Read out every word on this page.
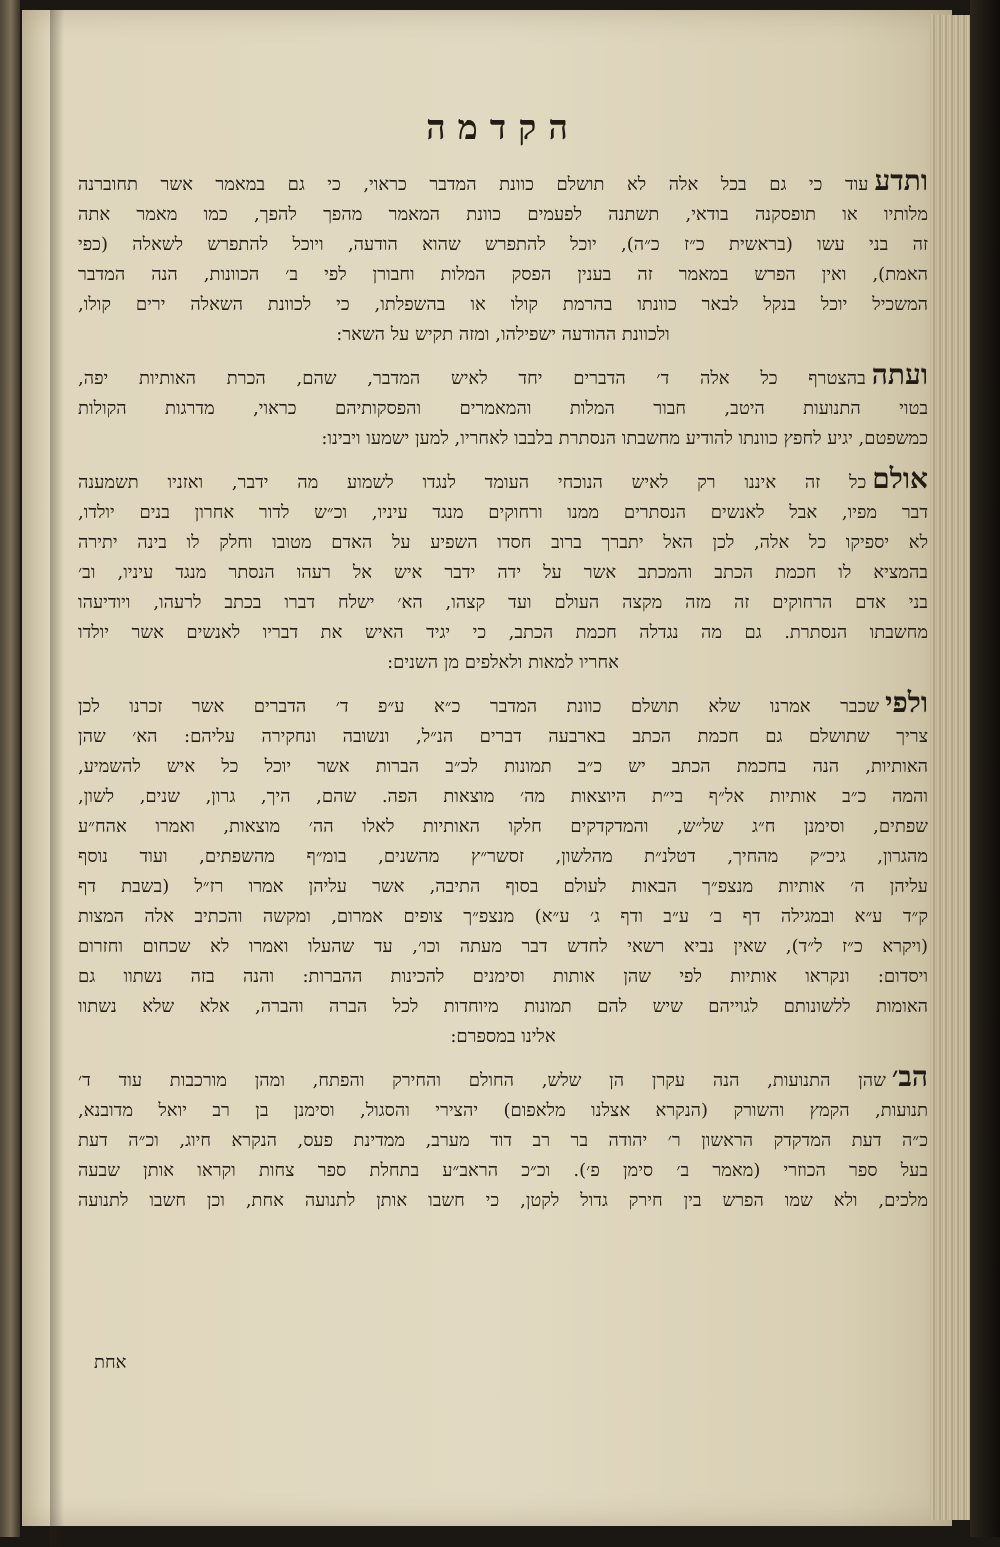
הקדמה
ותדעעוד כי גם בכל אלה לא תושלם כוונת המדבר כראוי, כי גם במאמר אשר תחוברנה
מלותיו או תופסקנה בודאי, תשתנה לפעמים כוונת המאמר מהפך להפך, כמו מאמר אתה
זה בני עשו (בראשית כ״ז כ״ה), יוכל להתפרש שהוא הודעה, ויוכל להתפרש לשאלה (כפי
האמת), ואין הפרש במאמר זה בענין הפסק המלות וחבורן לפי ב׳ הכוונות, הנה המדבר
המשכיל יוכל בנקל לבאר כוונתו בהרמת קולו או בהשפלתו, כי לכוונת השאלה ירים קולו,
ולכוונת ההודעה ישפילהו, ומזה תקיש על השאר:
ועתהבהצטרף כל אלה ד׳ הדברים יחד לאיש המדבר, שהם, הכרת האותיות יפה,
בטוי התנועות היטב, חבור המלות והמאמרים והפסקותיהם כראוי, מדרגות הקולות
כמשפטם, יגיע לחפץ כוונתו להודיע מחשבתו הנסתרת בלבבו לאחריו, למען ישמעו ויבינו:
אולםכל זה איננו רק לאיש הנוכחי העומד לנגדו לשמוע מה ידבר, ואזניו תשמענה
דבר מפיו, אבל לאנשים הנסתרים ממנו ורחוקים מנגד עיניו, וכ״ש לדור אחרון בנים יולדו,
לא יספיקו כל אלה, לכן האל יתברך ברוב חסדו השפיע על האדם מטובו וחלק לו בינה יתירה
בהמציא לו חכמת הכתב והמכתב אשר על ידה ידבר איש אל רעהו הנסתר מנגד עיניו, וב׳
בני אדם הרחוקים זה מזה מקצה העולם ועד קצהו, הא׳ ישלח דברו בכתב לרעהו, ויודיעהו
מחשבתו הנסתרת. גם מה נגדלה חכמת הכתב, כי יגיד האיש את דבריו לאנשים אשר יולדו
אחריו למאות ולאלפים מן השנים:
ולפישכבר אמרנו שלא תושלם כוונת המדבר כ״א ע״פ ד׳ הדברים אשר זכרנו לכן
צריך שתושלם גם חכמת הכתב בארבעה דברים הנ״ל, ונשובה ונחקירה עליהם: הא׳ שהן
האותיות, הנה בחכמת הכתב יש כ״ב תמונות לכ״ב הברות אשר יוכל כל איש להשמיע,
והמה כ״ב אותיות אל״ף בי״ת היוצאות מה׳ מוצאות הפה. שהם, היך, גרון, שנים, לשון,
שפתים, וסימנן ח״ג של״ש, והמדקדקים חלקו האותיות לאלו הה׳ מוצאות, ואמרו אהח״ע
מהגרון, גיכ״ק מהחיך, דטלנ״ת מהלשון, זסשר״ץ מהשנים, בומ״ף מהשפתים, ועוד נוסף
עליהן ה׳ אותיות מנצפ״ך הבאות לעולם בסוף התיבה, אשר עליהן אמרו רז״ל (בשבת דף
ק״ד ע״א ובמגילה דף ב׳ ע״ב ודף ג׳ ע״א) מנצפ״ך צופים אמרום, ומקשה והכתיב אלה המצות
(ויקרא כ״ז ל״ד), שאין נביא רשאי לחדש דבר מעתה וכו׳, עד שהעלו ואמרו לא שכחום וחזרום
ויסדום: ונקראו אותיות לפי שהן אותות וסימנים להכינות ההברות: והנה בזה נשתוו גם
האומות ללשונותם לגוייהם שיש להם תמונות מיוחדות לכל הברה והברה, אלא שלא נשתוו
אלינו במספרם:
הב׳שהן התנועות, הנה עקרן הן שלש, החולם והחירק והפתח, ומהן מורכבות עוד ד׳
תנועות, הקמץ והשורק (הנקרא אצלנו מלאפום) יהצירי והסגול, וסימנן בן רב יואל מדובנא,
כ״ה דעת המדקדק הראשון ר׳ יהודה בר רב דוד מערב, ממדינת פעס, הנקרא חיוג, וכ״ה דעת
בעל ספר הכוזרי (מאמר ב׳ סימן פ׳). וכ״כ הראב״ע בתחלת ספר צחות וקראו אותן שבעה
מלכים, ולא שמו הפרש בין חירק גדול לקטן, כי חשבו אותן לתנועה אחת, וכן חשבו לתנועה
אחת
